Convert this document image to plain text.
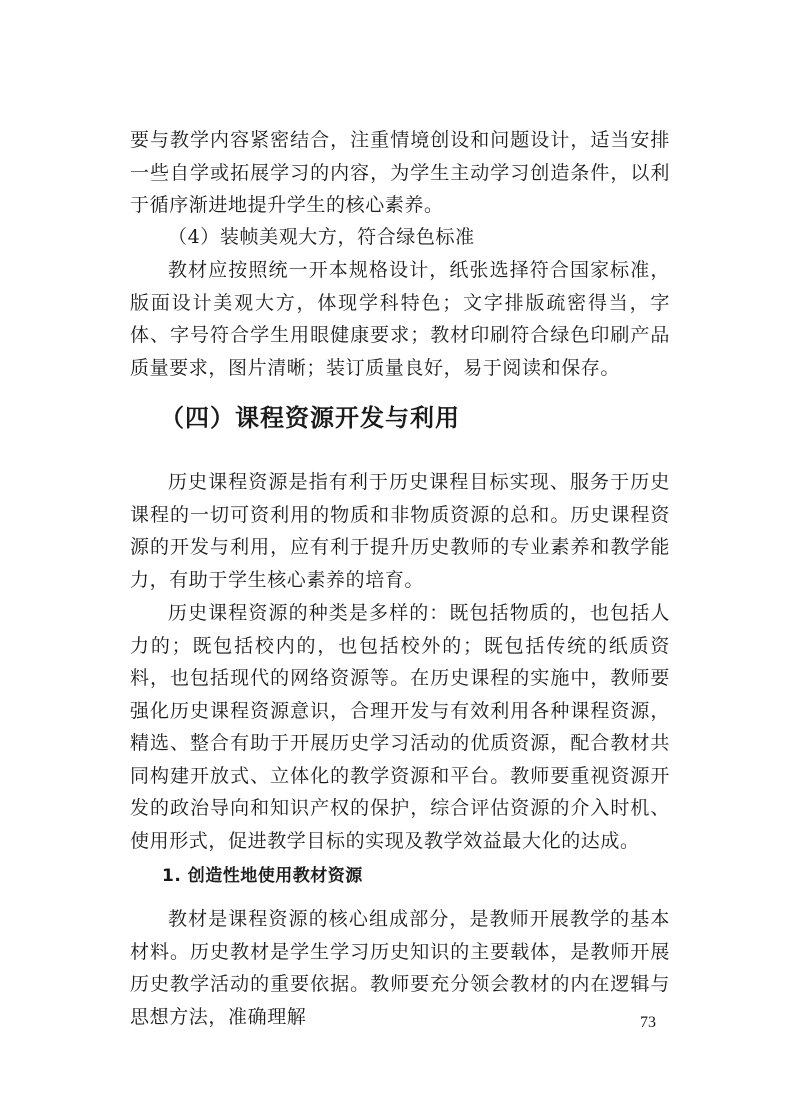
要与教学内容紧密结合，注重情境创设和问题设计，适当安排一些自学或拓展学习的内容，为学生主动学习创造条件，以利于循序渐进地提升学生的核心素养。

（4）装帧美观大方，符合绿色标准

教材应按照统一开本规格设计，纸张选择符合国家标准，版面设计美观大方，体现学科特色；文字排版疏密得当，字体、字号符合学生用眼健康要求；教材印刷符合绿色印刷产品质量要求，图片清晰；装订质量良好，易于阅读和保存。

（四）课程资源开发与利用

历史课程资源是指有利于历史课程目标实现、服务于历史课程的一切可资利用的物质和非物质资源的总和。历史课程资源的开发与利用，应有利于提升历史教师的专业素养和教学能力，有助于学生核心素养的培育。

历史课程资源的种类是多样的：既包括物质的，也包括人力的；既包括校内的，也包括校外的；既包括传统的纸质资料，也包括现代的网络资源等。在历史课程的实施中，教师要强化历史课程资源意识，合理开发与有效利用各种课程资源，精选、整合有助于开展历史学习活动的优质资源，配合教材共同构建开放式、立体化的教学资源和平台。教师要重视资源开发的政治导向和知识产权的保护，综合评估资源的介入时机、使用形式，促进教学目标的实现及教学效益最大化的达成。

1. 创造性地使用教材资源

教材是课程资源的核心组成部分，是教师开展教学的基本材料。历史教材是学生学习历史知识的主要载体，是教师开展历史教学活动的重要依据。教师要充分领会教材的内在逻辑与思想方法，准确理解	73
